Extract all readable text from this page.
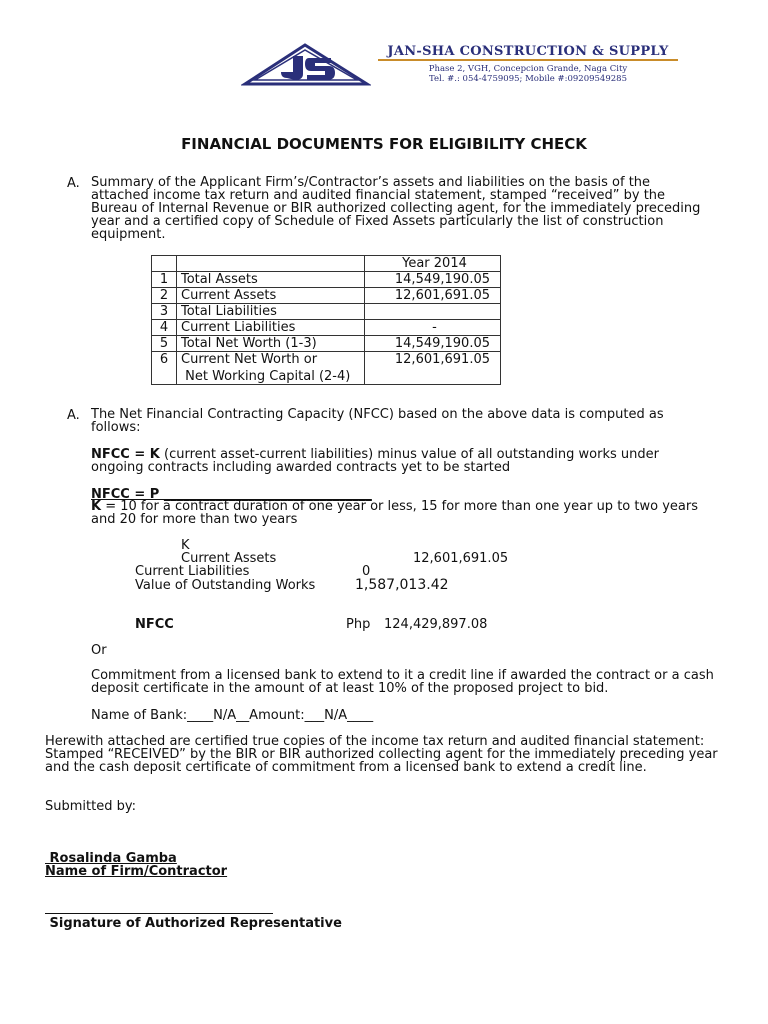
JAN-SHA CONSTRUCTION & SUPPLY
Phase 2, VGH, Concepcion Grande, Naga City
Tel. #.: 054-4759095; Mobile #:09209549285
FINANCIAL DOCUMENTS FOR ELIGIBILITY CHECK
A. Summary of the Applicant Firm’s/Contractor’s assets and liabilities on the basis of the attached income tax return and audited financial statement, stamped “received” by the Bureau of Internal Revenue or BIR authorized collecting agent, for the immediately preceding year and a certified copy of Schedule of Fixed Assets particularly the list of construction equipment.

		Year 2014
1	Total Assets	14,549,190.05
2	Current Assets	12,601,691.05
3	Total Liabilities	
4	Current Liabilities	-
5	Total Net Worth (1-3)	14,549,190.05
6	Current Net Worth or
Net Working Capital (2-4)	12,601,691.05
A. The Net Financial Contracting Capacity (NFCC) based on the above data is computed as follows:

NFCC = K (current asset-current liabilities) minus value of all outstanding works under ongoing contracts including awarded contracts yet to be started

NFCC = P ________________________________

K = 10 for a contract duration of one year or less, 15 for more than one year up to two years and 20 for more than two years

K
Current Assets	12,601,691.05
Current Liabilities	0
Value of Outstanding Works	1,587,013.42
NFCC	Php 124,429,897.08
Or

Commitment from a licensed bank to extend to it a credit line if awarded the contract or a cash deposit certificate in the amount of at least 10% of the proposed project to bid.

Name of Bank:____N/A__Amount:___N/A____

Herewith attached are certified true copies of the income tax return and audited financial statement: Stamped “RECEIVED” by the BIR or BIR authorized collecting agent for the immediately preceding year and the cash deposit certificate of commitment from a licensed bank to extend a credit line.

Submitted by:
Rosalinda Gamba
Name of Firm/Contractor
Signature of Authorized Representative
